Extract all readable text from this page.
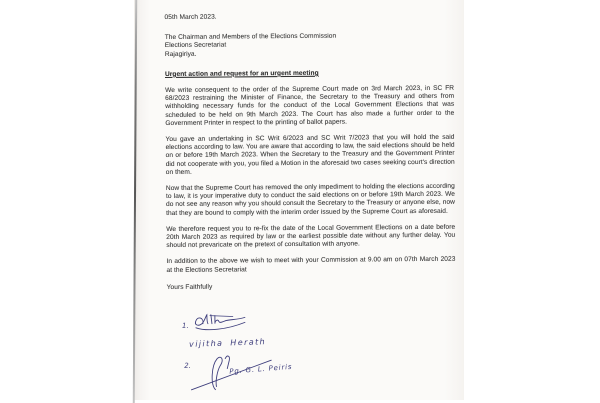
05th March 2023.
The Chairman and Members of the Elections Commission
Elections Secretariat
Rajagiriya.
Urgent action and request for an urgent meeting

We write consequent to the order of the Supreme Court made on 3rd March 2023, in SC FR 68/2023 restraining the Minister of Finance, the Secretary to the Treasury and others from withholding necessary funds for the conduct of the Local Government Elections that was scheduled to be held on 9th March 2023. The Court has also made a further order to the Government Printer in respect to the printing of ballot papers.

You gave an undertaking in SC Writ 6/2023 and SC Writ 7/2023 that you will hold the said elections according to law. You are aware that according to law, the said elections should be held on or before 19th March 2023. When the Secretary to the Treasury and the Government Printer did not cooperate with you, you filed a Motion in the aforesaid two cases seeking court's direction on them.

Now that the Supreme Court has removed the only impediment to holding the elections according to law, it is your imperative duty to conduct the said elections on or before 19th March 2023. We do not see any reason why you should consult the Secretary to the Treasury or anyone else, now that they are bound to comply with the interim order issued by the Supreme Court as aforesaid.

We therefore request you to re-fix the date of the Local Government Elections on a date before 20th March 2023 as required by law or the earliest possible date without any further delay. You should not prevaricate on the pretext of consultation with anyone.

In addition to the above we wish to meet with your Commission at 9.00 am on 07th March 2023 at the Elections Secretariat

Yours Faithfully
1.
vijitha Herath
2.	Pg. G. L. Peiris
